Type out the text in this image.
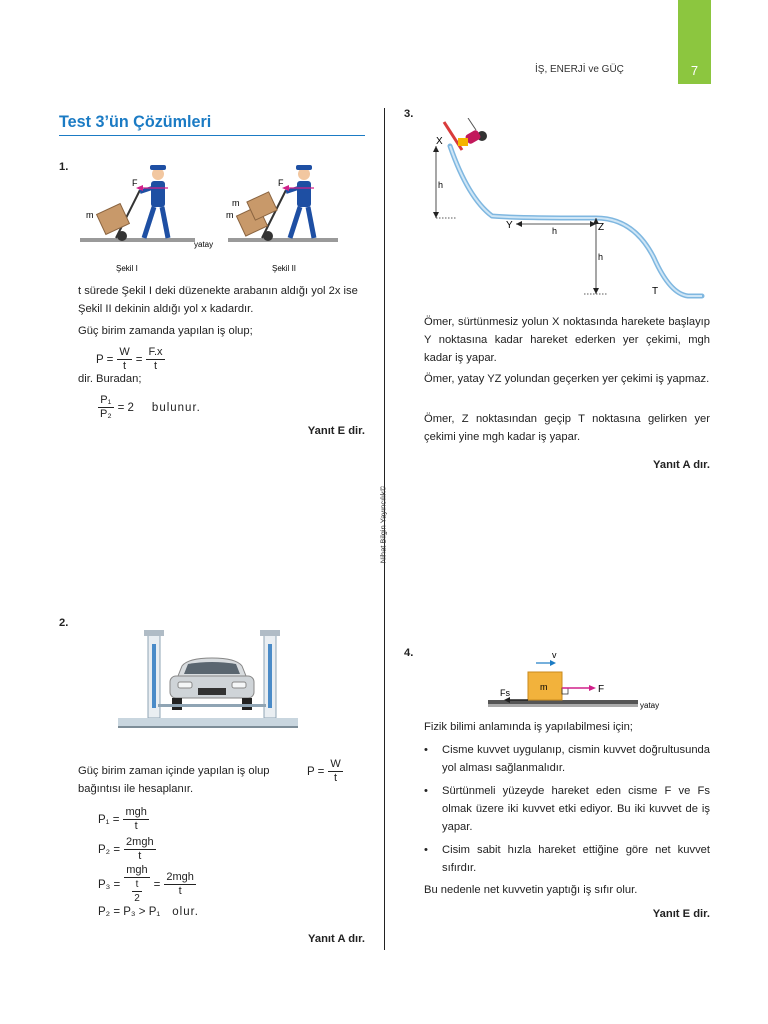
İŞ, ENERJİ ve GÜÇ	7
Nihat Bilgin Yayıncılık©
Test 3’ün Çözümleri
1.
F	F
m
m
m
yatay
Şekil I	Şekil II
t sürede Şekil I deki düzenekte arabanın aldığı yol 2x ise Şekil II dekinin aldığı yol x kadardır.
Güç birim zamanda yapılan iş olup;
$P = \frac{W}{t} = \frac{F.x}{t}$
dir. Buradan;
$\frac{\text{P₁}}{\text{P₂}} = 2$ bulunur.
Yanıt E dir.
2.
Güç birim zaman içinde yapılan iş olup	$P = \frac{W}{t}$
bağıntısı ile hesaplanır.
$P_1 = \frac{\text{mgh}}{t}$
$P_2 = \frac{\text{2mgh}}{t}$
$P_3 = \frac{\text{mgh}}{\frac{t}{2}} = \frac{\text{2mgh}}{t}$
P₂ = P₃ > P₁ olur.
Yanıt A dır.
3.
X
Y	Z
T
h
h
h
Ömer, sürtünmesiz yolun X noktasında harekete başlayıp Y noktasına kadar hareket ederken yer çekimi, mgh kadar iş yapar.
Ömer, yatay YZ yolundan geçerken yer çekimi iş yapmaz.
Ömer, Z noktasından geçip T noktasına gelirken yer çekimi yine mgh kadar iş yapar.
Yanıt A dır.
4.	v
m	F
Fs
yatay
Fizik bilimi anlamında iş yapılabilmesi için;
• Cisme kuvvet uygulanıp, cismin kuvvet doğrultusunda yol alması sağlanmalıdır.
• Sürtünmeli yüzeyde hareket eden cisme F ve Fs olmak üzere iki kuvvet etki ediyor. Bu iki kuvvet de iş yapar.
• Cisim sabit hızla hareket ettiğine göre net kuvvet sıfırdır.
Bu nedenle net kuvvetin yaptığı iş sıfır olur.
Yanıt E dir.
